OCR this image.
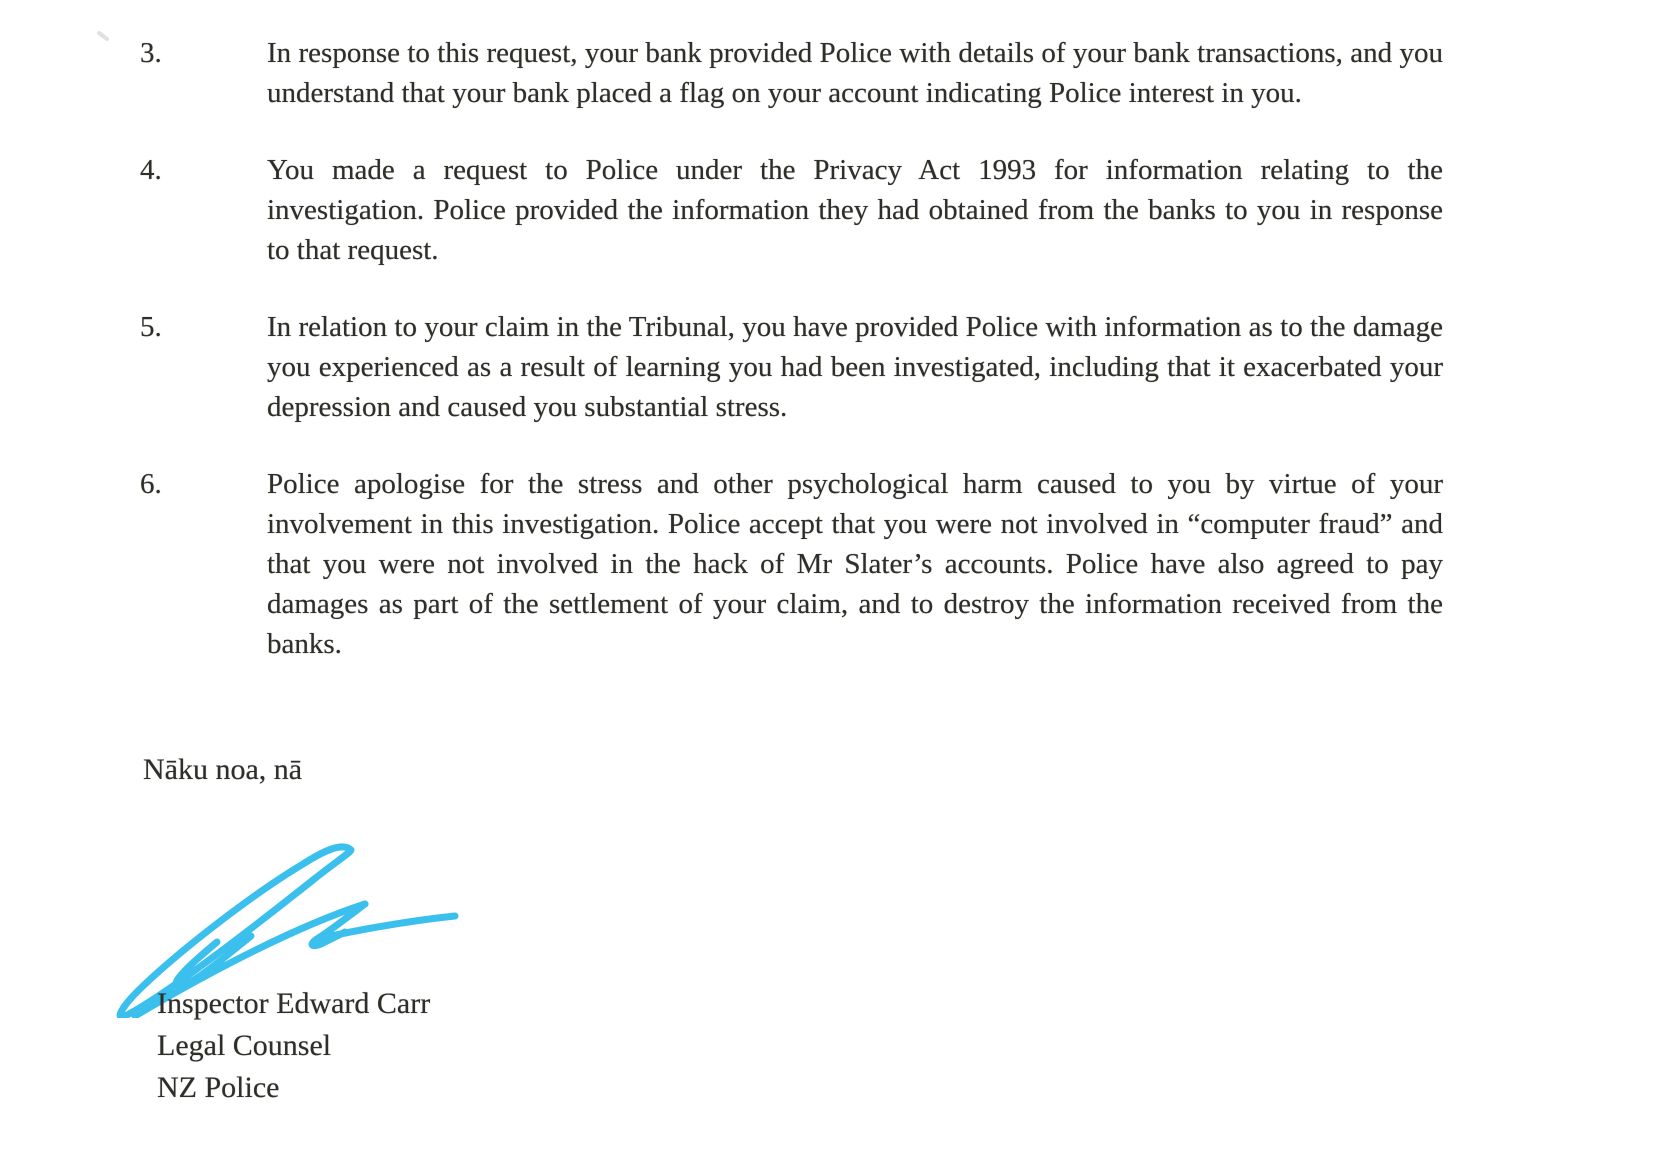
3.	In response to this request, your bank provided Police with details of your bank transactions, and you understand that your bank placed a flag on your account indicating Police interest in you.
4.	You made a request to Police under the Privacy Act 1993 for information relating to the investigation. Police provided the information they had obtained from the banks to you in response to that request.
5.	In relation to your claim in the Tribunal, you have provided Police with information as to the damage you experienced as a result of learning you had been investigated, including that it exacerbated your depression and caused you substantial stress.
6.	Police apologise for the stress and other psychological harm caused to you by virtue of your involvement in this investigation. Police accept that you were not involved in “computer fraud” and that you were not involved in the hack of Mr Slater’s accounts. Police have also agreed to pay damages as part of the settlement of your claim, and to destroy the information received from the banks.
Nāku noa, nā
Inspector Edward Carr
Legal Counsel
NZ Police
